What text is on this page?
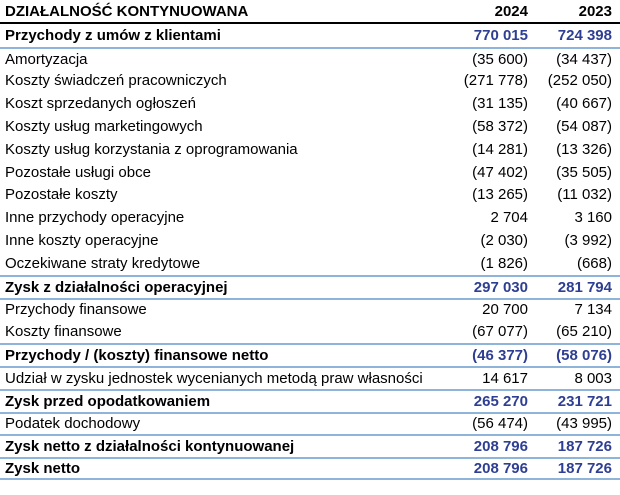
DZIAŁALNOŚĆ KONTYNUOWANA	2024	2023
Przychody z umów z klientami	770 015	724 398
Amortyzacja	(35 600)	(34 437)
Koszty świadczeń pracowniczych	(271 778)	(252 050)
Koszt sprzedanych ogłoszeń	(31 135)	(40 667)
Koszty usług marketingowych	(58 372)	(54 087)
Koszty usług korzystania z oprogramowania	(14 281)	(13 326)
Pozostałe usługi obce	(47 402)	(35 505)
Pozostałe koszty	(13 265)	(11 032)
Inne przychody operacyjne	2 704	3 160
Inne koszty operacyjne	(2 030)	(3 992)
Oczekiwane straty kredytowe	(1 826)	(668)
Zysk z działalności operacyjnej	297 030	281 794
Przychody finansowe	20 700	7 134
Koszty finansowe	(67 077)	(65 210)
Przychody / (koszty) finansowe netto	(46 377)	(58 076)
Udział w zysku jednostek wycenianych metodą praw własności	14 617	8 003
Zysk przed opodatkowaniem	265 270	231 721
Podatek dochodowy	(56 474)	(43 995)
Zysk netto z działalności kontynuowanej	208 796	187 726
Zysk netto	208 796	187 726
